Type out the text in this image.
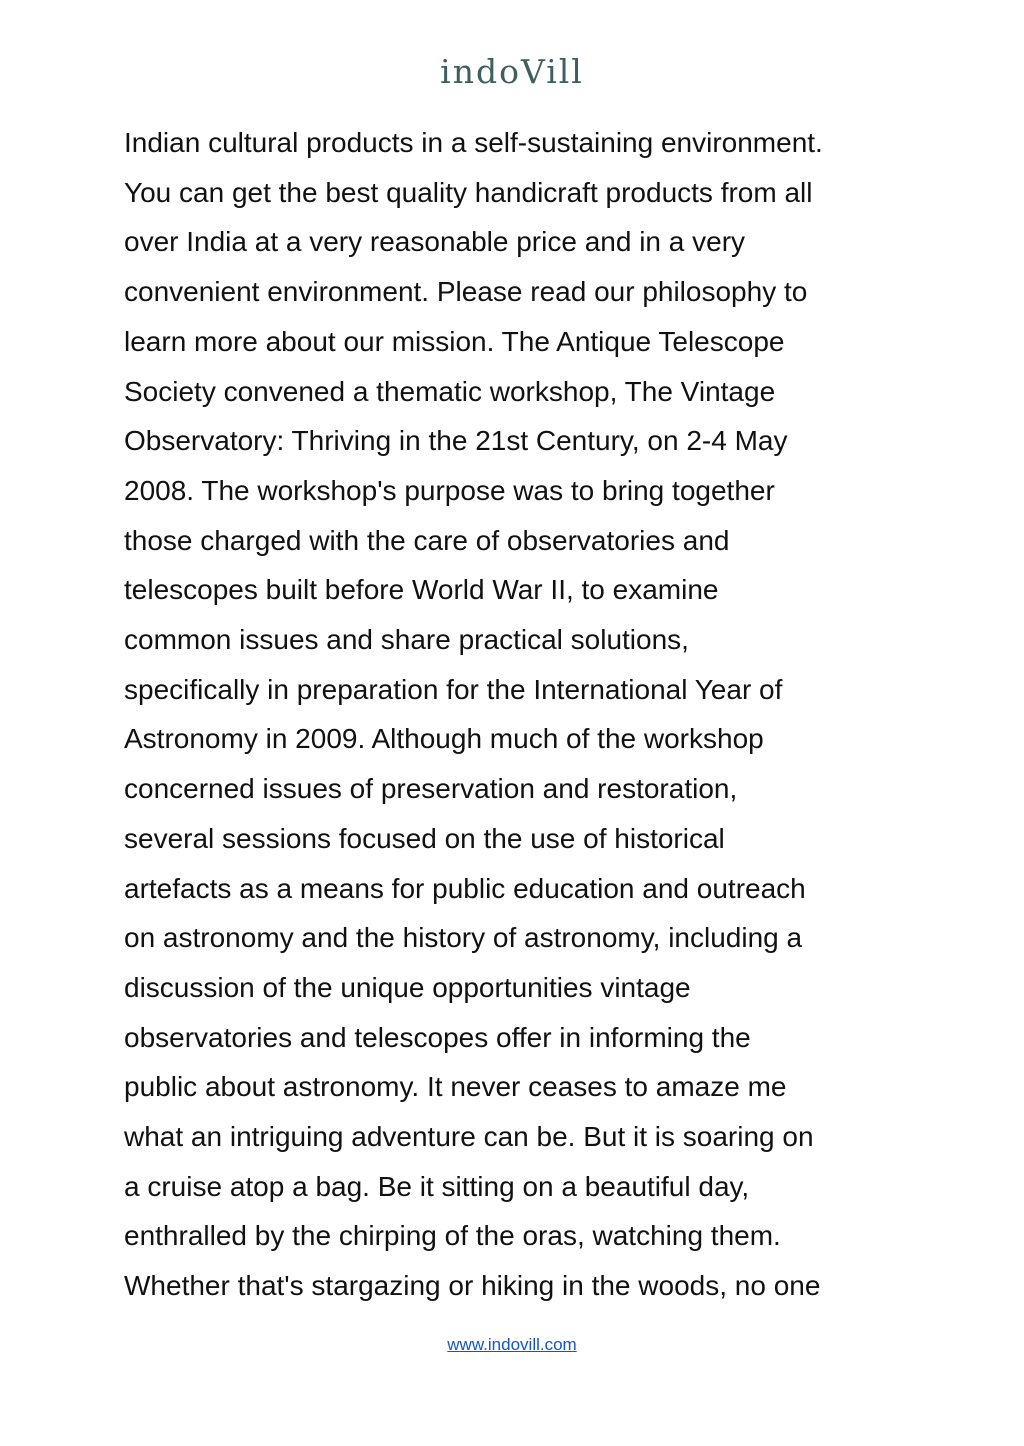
indoVill
Indian cultural products in a self-sustaining environment.
You can get the best quality handicraft products from all
over India at a very reasonable price and in a very
convenient environment. Please read our philosophy to
learn more about our mission. The Antique Telescope
Society convened a thematic workshop, The Vintage
Observatory: Thriving in the 21st Century, on 2-4 May
2008. The workshop's purpose was to bring together
those charged with the care of observatories and
telescopes built before World War II, to examine
common issues and share practical solutions,
specifically in preparation for the International Year of
Astronomy in 2009. Although much of the workshop
concerned issues of preservation and restoration,
several sessions focused on the use of historical
artefacts as a means for public education and outreach
on astronomy and the history of astronomy, including a
discussion of the unique opportunities vintage
observatories and telescopes offer in informing the
public about astronomy. It never ceases to amaze me
what an intriguing adventure can be. But it is soaring on
a cruise atop a bag. Be it sitting on a beautiful day,
enthralled by the chirping of the oras, watching them.
Whether that's stargazing or hiking in the woods, no one
www.indovill.com
